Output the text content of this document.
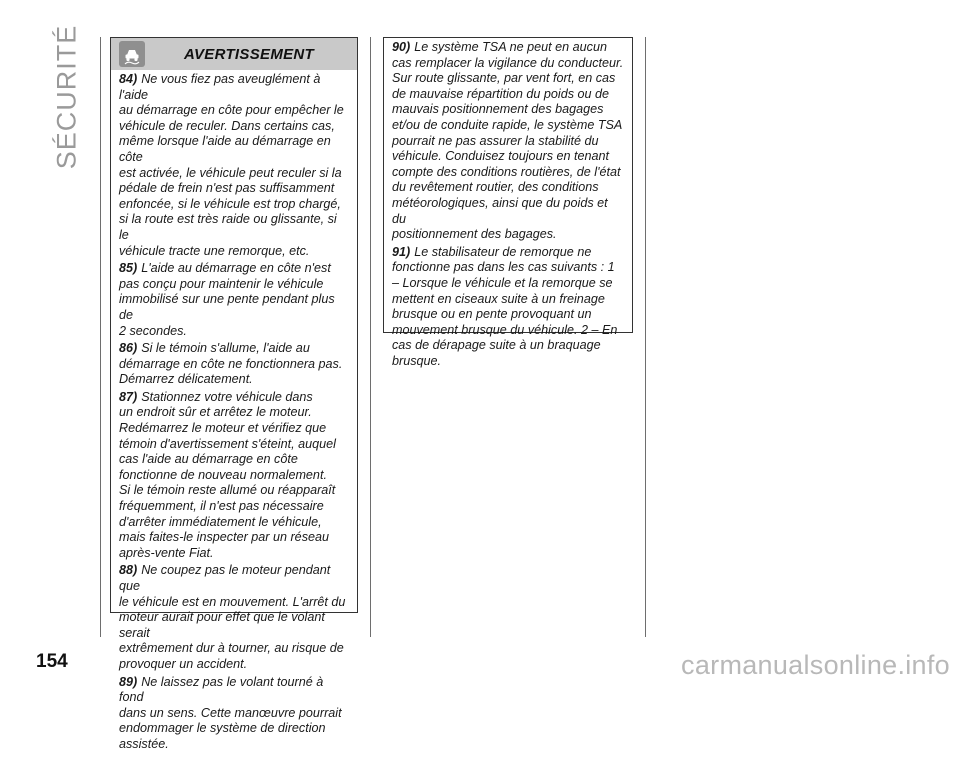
SÉCURITÉ	AVERTISSEMENT

84) Ne vous fiez pas aveuglément à l'aide
au démarrage en côte pour empêcher le
véhicule de reculer. Dans certains cas,
même lorsque l'aide au démarrage en côte
est activée, le véhicule peut reculer si la
pédale de frein n'est pas suffisamment
enfoncée, si le véhicule est trop chargé,
si la route est très raide ou glissante, si le
véhicule tracte une remorque, etc.

85) L'aide au démarrage en côte n'est
pas conçu pour maintenir le véhicule
immobilisé sur une pente pendant plus de
2 secondes.

86) Si le témoin s'allume, l'aide au
démarrage en côte ne fonctionnera pas.
Démarrez délicatement.

87) Stationnez votre véhicule dans
un endroit sûr et arrêtez le moteur.
Redémarrez le moteur et vérifiez que
témoin d'avertissement s'éteint, auquel
cas l'aide au démarrage en côte
fonctionne de nouveau normalement.
Si le témoin reste allumé ou réapparaît
fréquemment, il n'est pas nécessaire
d'arrêter immédiatement le véhicule,
mais faites-le inspecter par un réseau
après-vente Fiat.

88) Ne coupez pas le moteur pendant que
le véhicule est en mouvement. L'arrêt du
moteur aurait pour effet que le volant serait
extrêmement dur à tourner, au risque de
provoquer un accident.

89) Ne laissez pas le volant tourné à fond
dans un sens. Cette manœuvre pourrait
endommager le système de direction
assistée.

90) Le système TSA ne peut en aucun
cas remplacer la vigilance du conducteur.
Sur route glissante, par vent fort, en cas
de mauvaise répartition du poids ou de
mauvais positionnement des bagages
et/ou de conduite rapide, le système TSA
pourrait ne pas assurer la stabilité du
véhicule. Conduisez toujours en tenant
compte des conditions routières, de l'état
du revêtement routier, des conditions
météorologiques, ainsi que du poids et du
positionnement des bagages.

91) Le stabilisateur de remorque ne
fonctionne pas dans les cas suivants : 1
– Lorsque le véhicule et la remorque se
mettent en ciseaux suite à un freinage
brusque ou en pente provoquant un
mouvement brusque du véhicule. 2 – En
cas de dérapage suite à un braquage
brusque.

154	carmanualsonline.info
